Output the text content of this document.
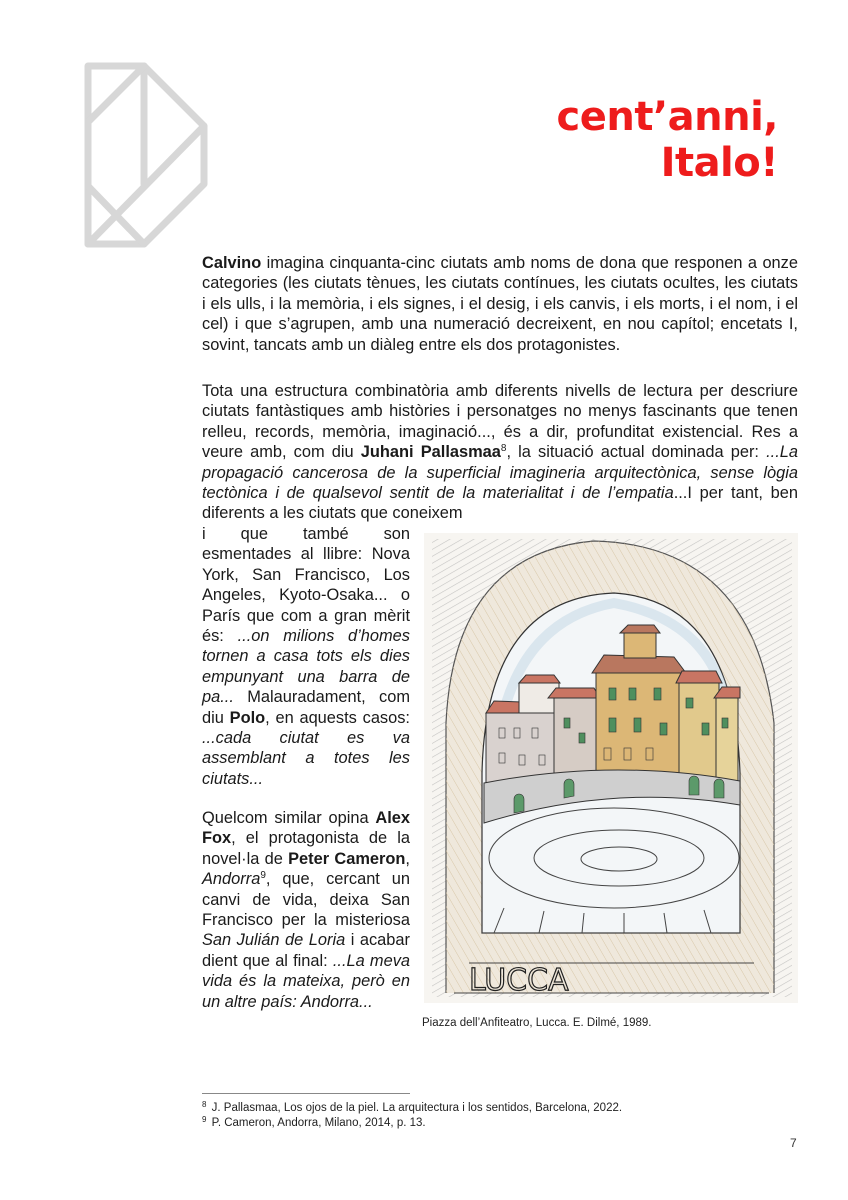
cent’anni,
Italo!

Calvino imagina cinquanta-cinc ciutats amb noms de dona que responen a onze categories (les ciutats tènues, les ciutats contínues, les ciutats ocultes, les ciutats i els ulls, i la memòria, i els signes, i el desig, i els canvis, i els morts, i el nom, i el cel) i que s’agrupen, amb una numeració decreixent, en nou capítol; encetats I, sovint, tancats amb un diàleg entre els dos protagonistes.

Tota una estructura combinatòria amb diferents nivells de lectura per descriure ciutats fantàstiques amb històries i personatges no menys fascinants que tenen relleu, records, memòria, imaginació..., és a dir, profunditat existencial. Res a veure amb, com diu Juhani Pallasmaa$^8$, la situació actual dominada per: ...La propagació cancerosa de la superficial imagineria arquitectònica, sense lògia tectònica i de qualsevol sentit de la materialitat i de l’empatia...I per tant, ben diferents a les ciutats que coneixem

i que també son esmentades al llibre: Nova York, San Francisco, Los Angeles, Kyoto-Osaka... o París que com a gran mèrit és: ...on milions d’homes tornen a casa tots els dies empunyant una barra de pa... Malauradament, com diu Polo, en aquests casos: ...cada ciutat es va assemblant a totes les ciutats...

Quelcom similar opina Alex Fox, el protagonista de la novel·la de Peter Cameron, Andorra$^9$, que, cercant un canvi de vida, deixa San Francisco per la misteriosa San Julián de Loria i acabar dient que al final: ...La meva vida és la mateixa, però en un altre país: Andorra...

LUCCA
Piazza dell’Anfiteatro, Lucca. E. Dilmé, 1989.
$^8$ J. Pallasmaa, Los ojos de la piel. La arquitectura i los sentidos, Barcelona, 2022.
$^9$ P. Cameron, Andorra, Milano, 2014, p. 13.
7
